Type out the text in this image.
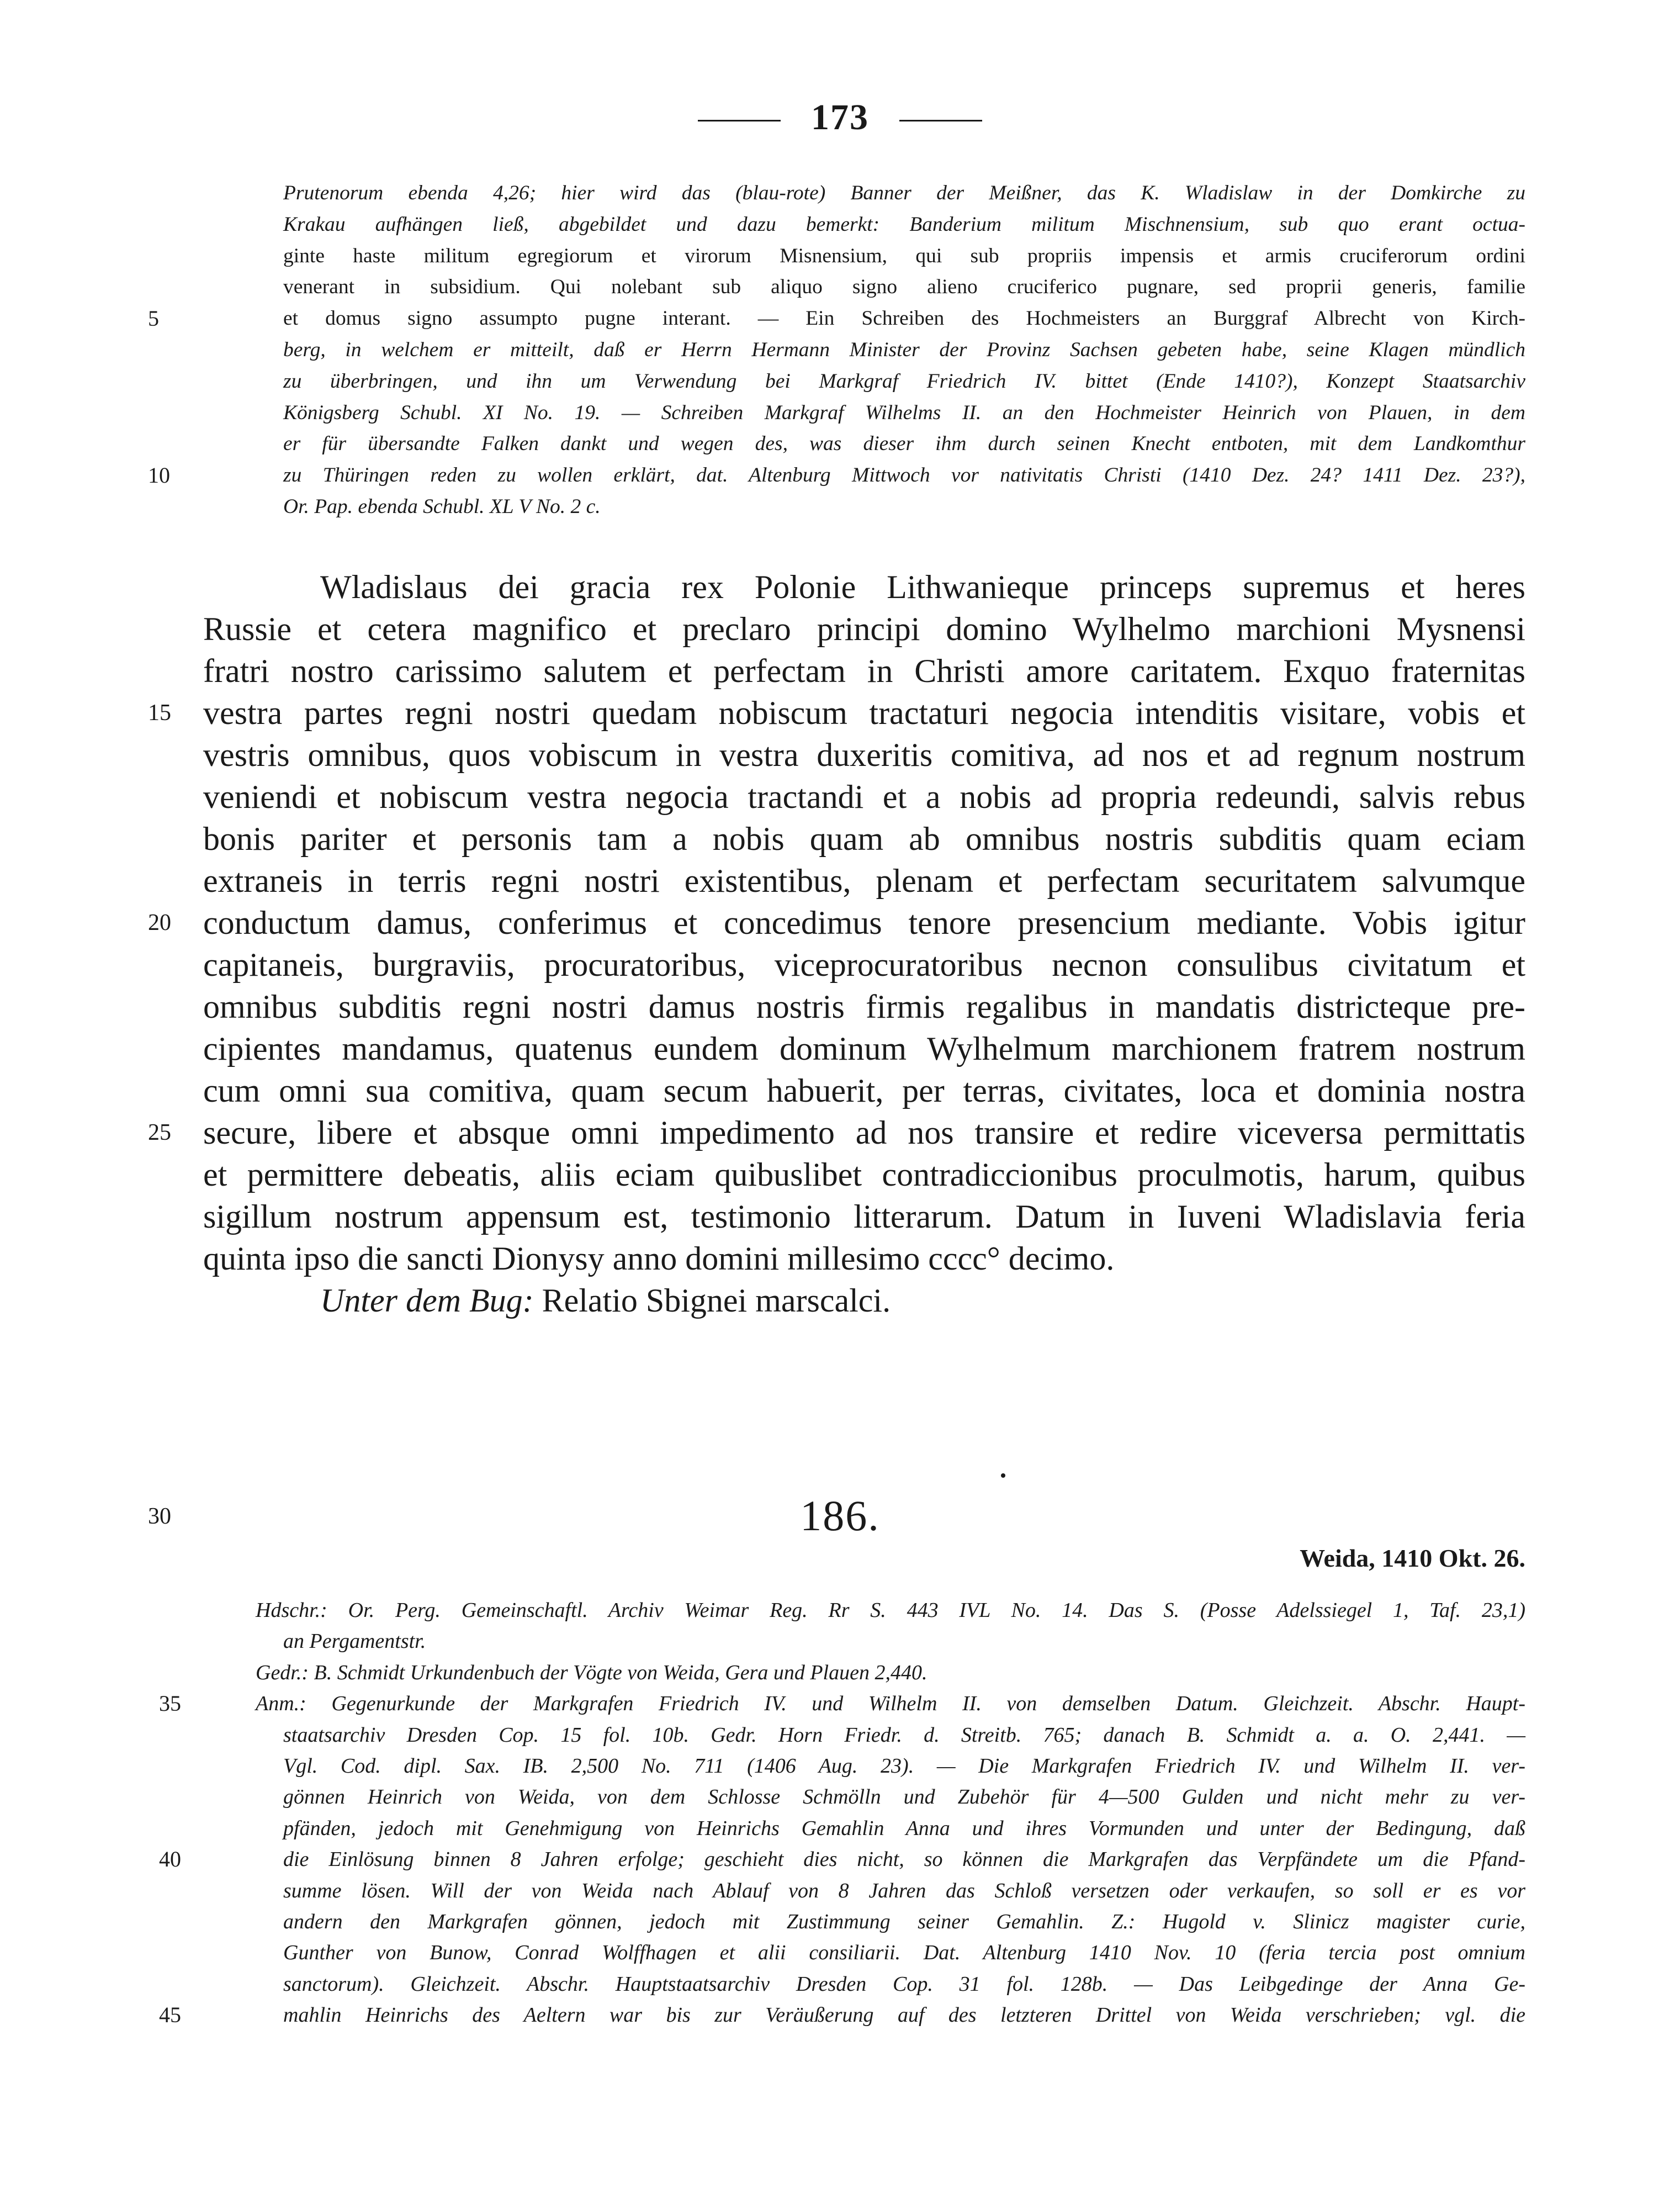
173
Prutenorum ebenda 4,26; hier wird das (blau-rote) Banner der Meißner, das K. Wladislaw in der Domkirche zu
Krakau aufhängen ließ, abgebildet und dazu bemerkt: Banderium militum Mischnensium, sub quo erant octua-
ginte haste militum egregiorum et virorum Misnensium, qui sub propriis impensis et armis cruciferorum ordini
venerant in subsidium. Qui nolebant sub aliquo signo alieno cruciferico pugnare, sed proprii generis, familie
5	et domus signo assumpto pugne interant. — Ein Schreiben des Hochmeisters an Burggraf Albrecht von Kirch-
berg, in welchem er mitteilt, daß er Herrn Hermann Minister der Provinz Sachsen gebeten habe, seine Klagen mündlich
zu überbringen, und ihn um Verwendung bei Markgraf Friedrich IV. bittet (Ende 1410?), Konzept Staatsarchiv
Königsberg Schubl. XI No. 19. — Schreiben Markgraf Wilhelms II. an den Hochmeister Heinrich von Plauen, in dem
er für übersandte Falken dankt und wegen des, was dieser ihm durch seinen Knecht entboten, mit dem Landkomthur
10	zu Thüringen reden zu wollen erklärt, dat. Altenburg Mittwoch vor nativitatis Christi (1410 Dez. 24? 1411 Dez. 23?),
Or. Pap. ebenda Schubl. XL V No. 2 c.
Wladislaus dei gracia rex Polonie Lithwanieque princeps supremus et heres
Russie et cetera magnifico et preclaro principi domino Wylhelmo marchioni Mysnensi
fratri nostro carissimo salutem et perfectam in Christi amore caritatem. Exquo fraternitas
15 vestra partes regni nostri quedam nobiscum tractaturi negocia intenditis visitare, vobis et
vestris omnibus, quos vobiscum in vestra duxeritis comitiva, ad nos et ad regnum nostrum
veniendi et nobiscum vestra negocia tractandi et a nobis ad propria redeundi, salvis rebus
bonis pariter et personis tam a nobis quam ab omnibus nostris subditis quam eciam
extraneis in terris regni nostri existentibus, plenam et perfectam securitatem salvumque
20 conductum damus, conferimus et concedimus tenore presencium mediante. Vobis igitur
capitaneis, burgraviis, procuratoribus, viceprocuratoribus necnon consulibus civitatum et
omnibus subditis regni nostri damus nostris firmis regalibus in mandatis districteque pre-
cipientes mandamus, quatenus eundem dominum Wylhelmum marchionem fratrem nostrum
cum omni sua comitiva, quam secum habuerit, per terras, civitates, loca et dominia nostra
25 secure, libere et absque omni impedimento ad nos transire et redire viceversa permittatis
et permittere debeatis, aliis eciam quibuslibet contradiccionibus proculmotis, harum, quibus
sigillum nostrum appensum est, testimonio litterarum. Datum in Iuveni Wladislavia feria
quinta ipso die sancti Dionysy anno domini millesimo cccc° decimo.
Unter dem Bug: Relatio Sbignei marscalci.
30	186.
Weida, 1410 Okt. 26.
Hdschr.: Or. Perg. Gemeinschaftl. Archiv Weimar Reg. Rr S. 443 IVL No. 14. Das S. (Posse Adelssiegel 1, Taf. 23,1)
an Pergamentstr.
Gedr.: B. Schmidt Urkundenbuch der Vögte von Weida, Gera und Plauen 2,440.
35	Anm.: Gegenurkunde der Markgrafen Friedrich IV. und Wilhelm II. von demselben Datum. Gleichzeit. Abschr. Haupt-
staatsarchiv Dresden Cop. 15 fol. 10b. Gedr. Horn Friedr. d. Streitb. 765; danach B. Schmidt a. a. O. 2,441. —
Vgl. Cod. dipl. Sax. IB. 2,500 No. 711 (1406 Aug. 23). — Die Markgrafen Friedrich IV. und Wilhelm II. ver-
gönnen Heinrich von Weida, von dem Schlosse Schmölln und Zubehör für 4—500 Gulden und nicht mehr zu ver-
pfänden, jedoch mit Genehmigung von Heinrichs Gemahlin Anna und ihres Vormunden und unter der Bedingung, daß
40	die Einlösung binnen 8 Jahren erfolge; geschieht dies nicht, so können die Markgrafen das Verpfändete um die Pfand-
summe lösen. Will der von Weida nach Ablauf von 8 Jahren das Schloß versetzen oder verkaufen, so soll er es vor
andern den Markgrafen gönnen, jedoch mit Zustimmung seiner Gemahlin. Z.: Hugold v. Slinicz magister curie,
Gunther von Bunow, Conrad Wolffhagen et alii consiliarii. Dat. Altenburg 1410 Nov. 10 (feria tercia post omnium
sanctorum). Gleichzeit. Abschr. Hauptstaatsarchiv Dresden Cop. 31 fol. 128b. — Das Leibgedinge der Anna Ge-
45	mahlin Heinrichs des Aeltern war bis zur Veräußerung auf des letzteren Drittel von Weida verschrieben; vgl. die
